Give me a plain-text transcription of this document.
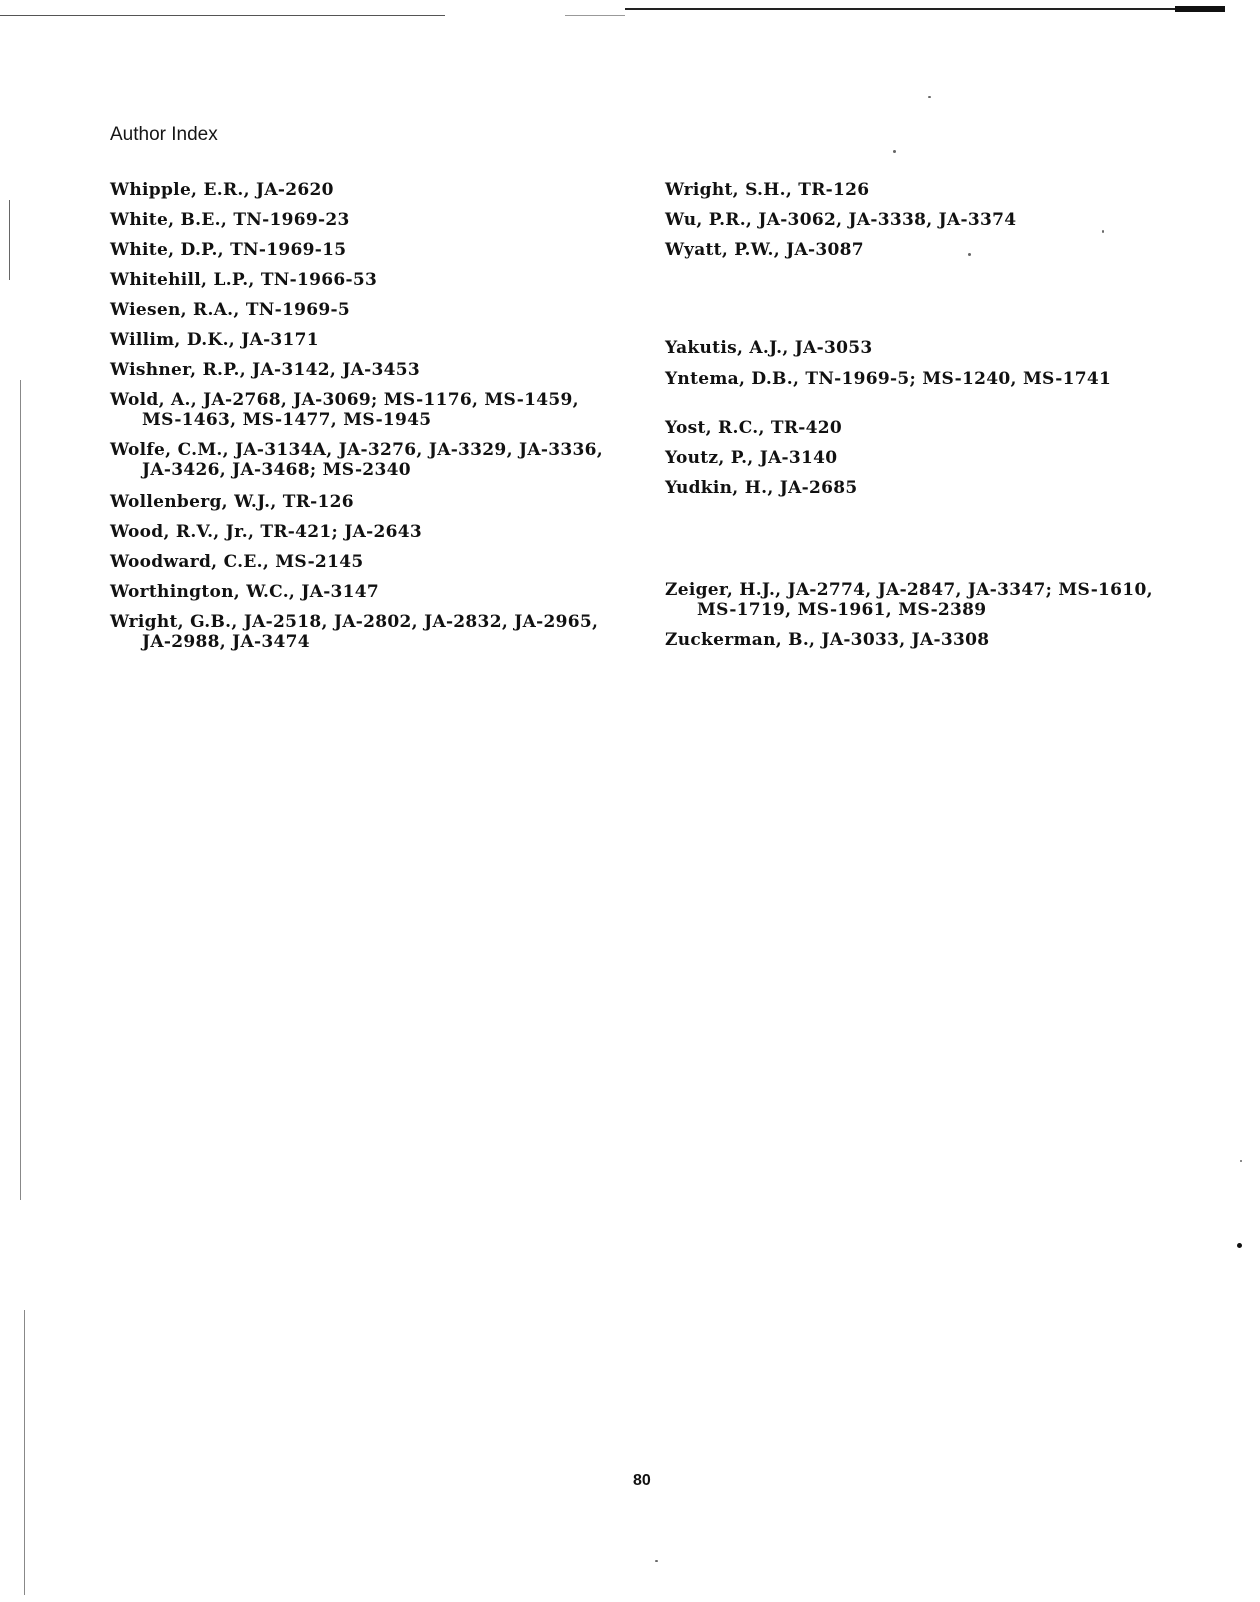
Author Index
Whipple, E.R., JA-2620
White, B.E., TN-1969-23
White, D.P., TN-1969-15
Whitehill, L.P., TN-1966-53
Wiesen, R.A., TN-1969-5
Willim, D.K., JA-3171
Wishner, R.P., JA-3142, JA-3453
Wold, A., JA-2768, JA-3069; MS-1176, MS-1459, MS-1463, MS-1477, MS-1945
Wolfe, C.M., JA-3134A, JA-3276, JA-3329, JA-3336, JA-3426, JA-3468; MS-2340
Wollenberg, W.J., TR-126
Wood, R.V., Jr., TR-421; JA-2643
Woodward, C.E., MS-2145
Worthington, W.C., JA-3147
Wright, G.B., JA-2518, JA-2802, JA-2832, JA-2965, JA-2988, JA-3474
Wright, S.H., TR-126
Wu, P.R., JA-3062, JA-3338, JA-3374
Wyatt, P.W., JA-3087
Yakutis, A.J., JA-3053
Yntema, D.B., TN-1969-5; MS-1240, MS-1741
Yost, R.C., TR-420
Youtz, P., JA-3140
Yudkin, H., JA-2685
Zeiger, H.J., JA-2774, JA-2847, JA-3347; MS-1610, MS-1719, MS-1961, MS-2389
Zuckerman, B., JA-3033, JA-3308
80
